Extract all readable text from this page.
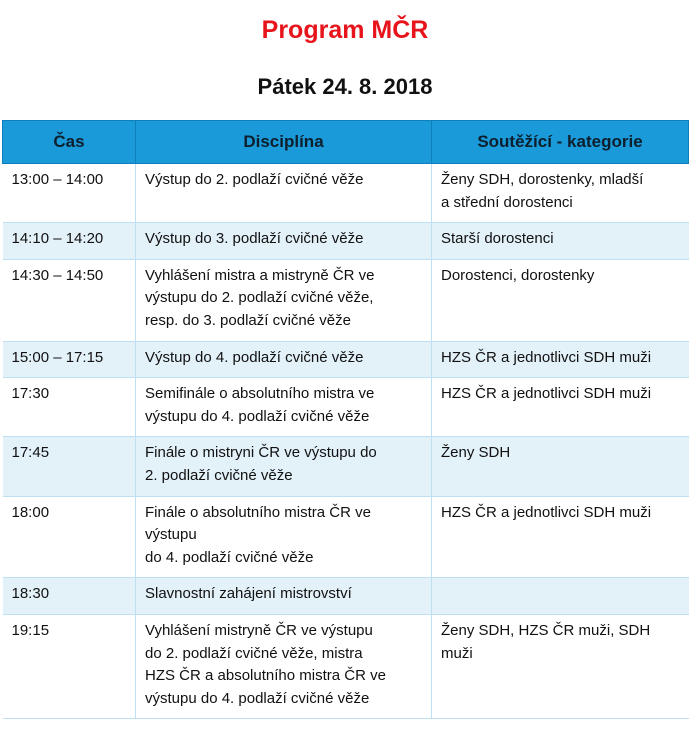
Program MČR
Pátek 24. 8. 2018
Čas	Disciplína	Soutěžící - kategorie
13:00 – 14:00	Výstup do 2. podlaží cvičné věže	Ženy SDH, dorostenky, mladší
a střední dorostenci

14:10 – 14:20	Výstup do 3. podlaží cvičné věže	Starší dorostenci

14:30 – 14:50	Vyhlášení mistra a mistryně ČR ve
výstupu do 2. podlaží cvičné věže,
resp. do 3. podlaží cvičné věže	Dorostenci, dorostenky

15:00 – 17:15	Výstup do 4. podlaží cvičné věže	HZS ČR a jednotlivci SDH muži

17:30	Semifinále o absolutního mistra ve
výstupu do 4. podlaží cvičné věže	HZS ČR a jednotlivci SDH muži

17:45	Finále o mistryni ČR ve výstupu do
2. podlaží cvičné věže	Ženy SDH

18:00	Finále o absolutního mistra ČR ve
výstupu
do 4. podlaží cvičné věže	HZS ČR a jednotlivci SDH muži

18:30	Slavnostní zahájení mistrovství	

19:15	Vyhlášení mistryně ČR ve výstupu
do 2. podlaží cvičné věže, mistra
HZS ČR a absolutního mistra ČR ve
výstupu do 4. podlaží cvičné věže	Ženy SDH, HZS ČR muži, SDH
muži
